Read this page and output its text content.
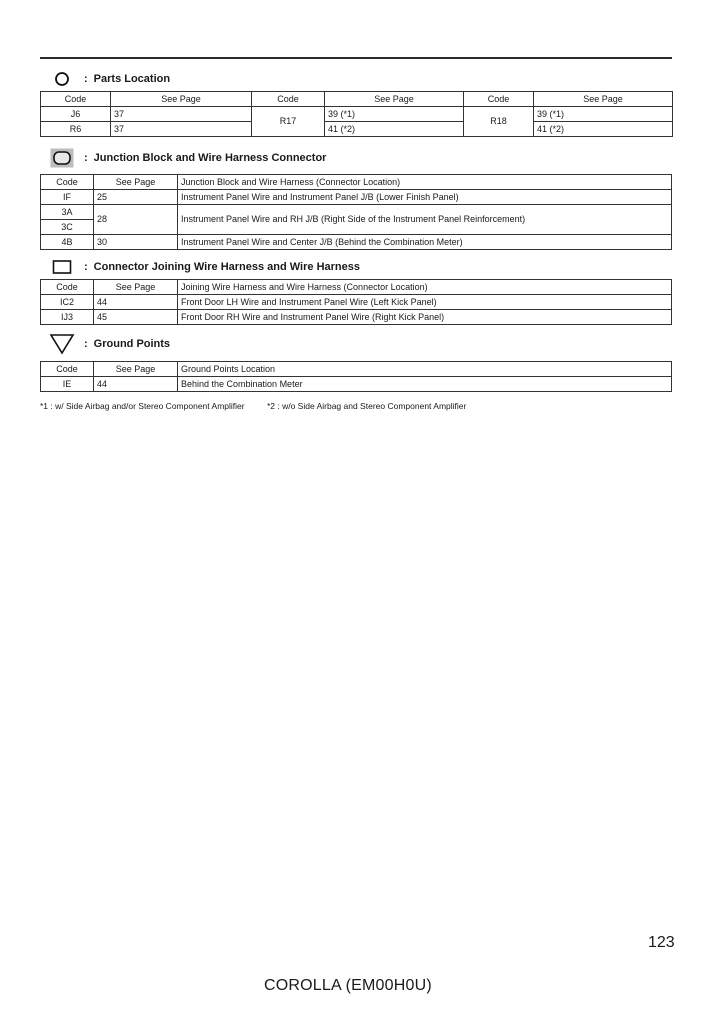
: Parts Location
Code	See Page	Code	See Page	Code	See Page
J6	37	R17	39 (*1)	R18	39 (*1)
R6	37		41 (*2)		41 (*2)
: Junction Block and Wire Harness Connector
Code	See Page	Junction Block and Wire Harness (Connector Location)
IF	25	Instrument Panel Wire and Instrument Panel J/B (Lower Finish Panel)
3A	28	Instrument Panel Wire and RH J/B (Right Side of the Instrument Panel Reinforcement)
3C		
4B	30	Instrument Panel Wire and Center J/B (Behind the Combination Meter)
: Connector Joining Wire Harness and Wire Harness
Code	See Page	Joining Wire Harness and Wire Harness (Connector Location)
IC2	44	Front Door LH Wire and Instrument Panel Wire (Left Kick Panel)
IJ3	45	Front Door RH Wire and Instrument Panel Wire (Right Kick Panel)
: Ground Points
Code	See Page	Ground Points Location
IE	44	Behind the Combination Meter
*1 : w/ Side Airbag and/or Stereo Component Amplifier	*2 : w/o Side Airbag and Stereo Component Amplifier
123
COROLLA (EM00H0U)
